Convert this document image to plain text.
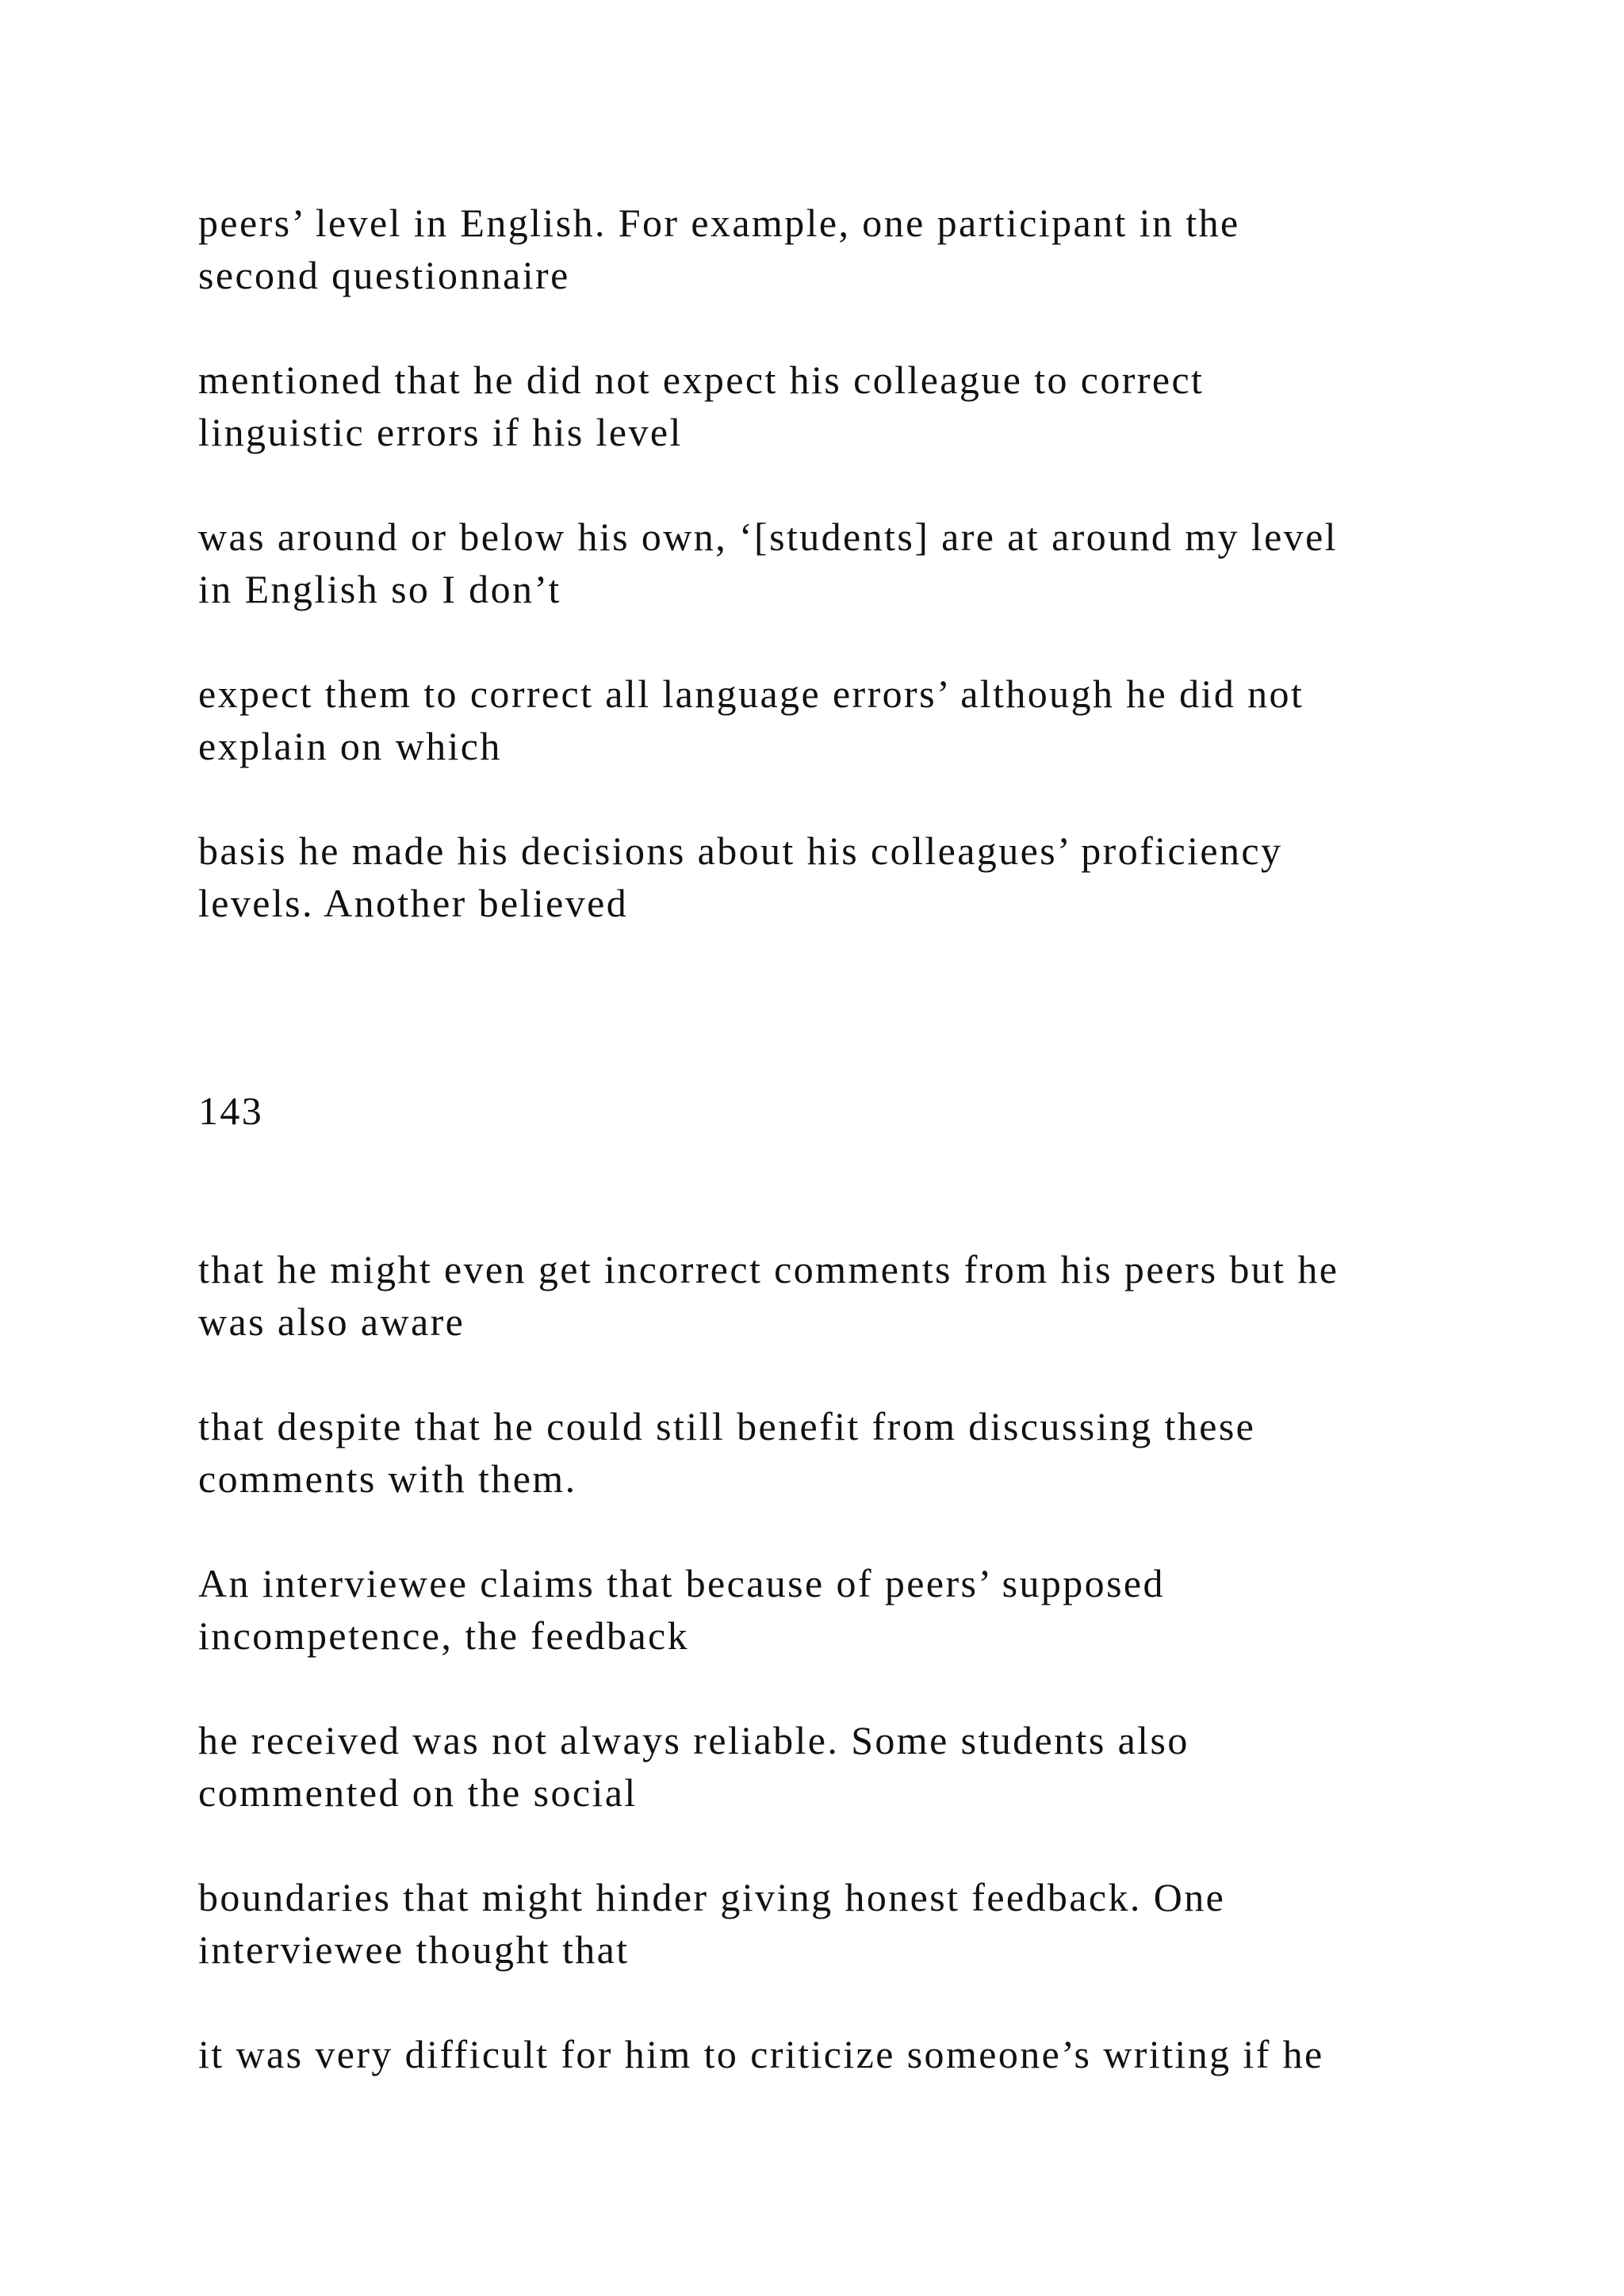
peers’ level in English. For example, one participant in the
second questionnaire

mentioned that he did not expect his colleague to correct
linguistic errors if his level

was around or below his own, ‘[students] are at around my level
in English so I don’t

expect them to correct all language errors’ although he did not
explain on which

basis he made his decisions about his colleagues’ proficiency
levels. Another believed

143

that he might even get incorrect comments from his peers but he
was also aware

that despite that he could still benefit from discussing these
comments with them.

An interviewee claims that because of peers’ supposed
incompetence, the feedback

he received was not always reliable. Some students also
commented on the social

boundaries that might hinder giving honest feedback. One
interviewee thought that

it was very difficult for him to criticize someone’s writing if he
